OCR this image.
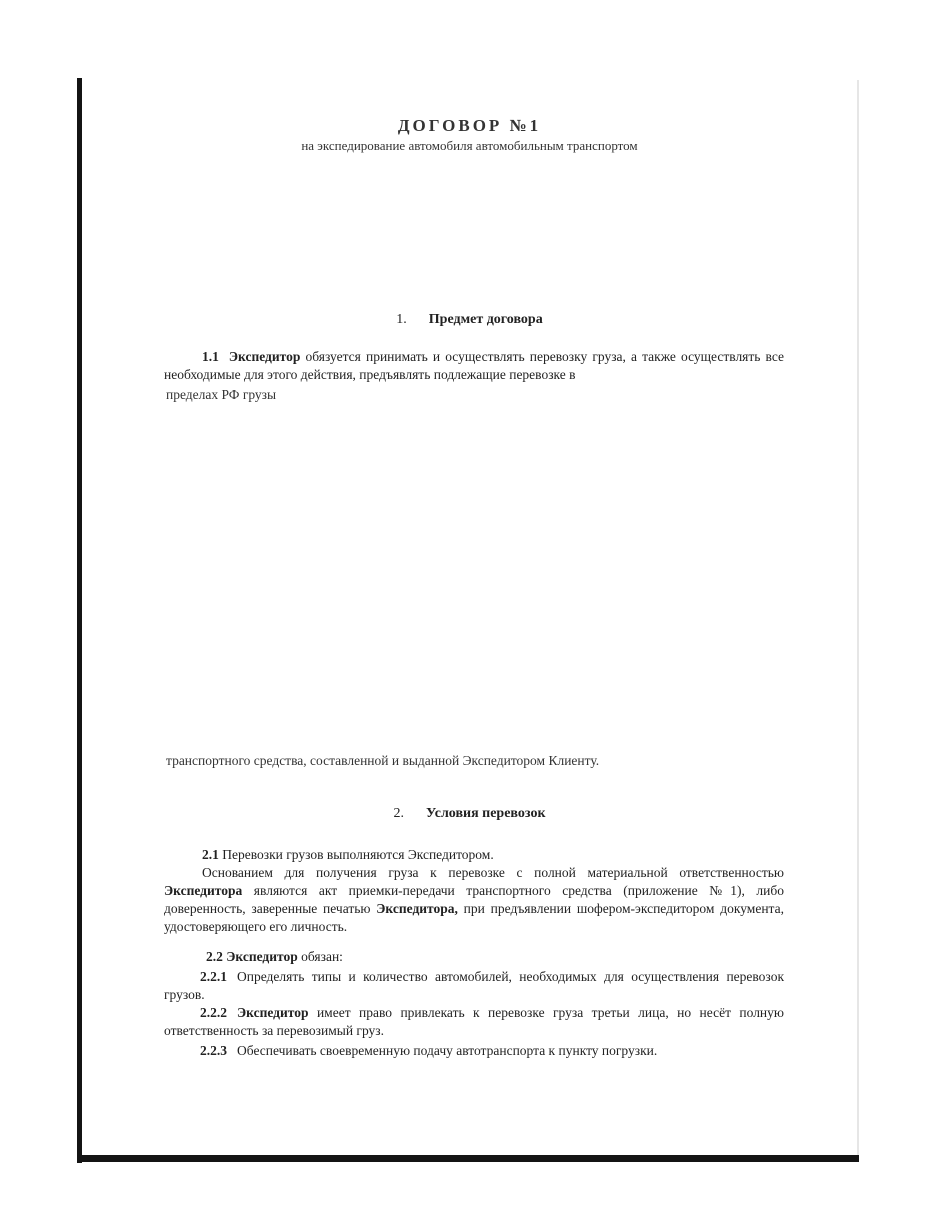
ДОГОВОР №1
на экспедирование автомобиля автомобильным транспортом
1. Предмет договора
1.1 Экспедитор обязуется принимать и осуществлять перевозку груза, а также осуществлять все необходимые для этого действия, предъявлять подлежащие перевозке в
пределах РФ грузы
транспортного средства, составленной и выданной Экспедитором Клиенту.
2. Условия перевозок
2.1 Перевозки грузов выполняются Экспедитором.
Основанием для получения груза к перевозке с полной материальной ответственностью Экспедитора являются акт приемки-передачи транспортного средства (приложение №1), либо доверенность, заверенные печатью Экспедитора, при предъявлении шофером-экспедитором документа, удостоверяющего его личность.
2.2 Экспедитор обязан:
2.2.1 Определять типы и количество автомобилей, необходимых для осуществления перевозок грузов.
2.2.2 Экспедитор имеет право привлекать к перевозке груза третьи лица, но несёт полную ответственность за перевозимый груз.
2.2.3 Обеспечивать своевременную подачу автотранспорта к пункту погрузки.
